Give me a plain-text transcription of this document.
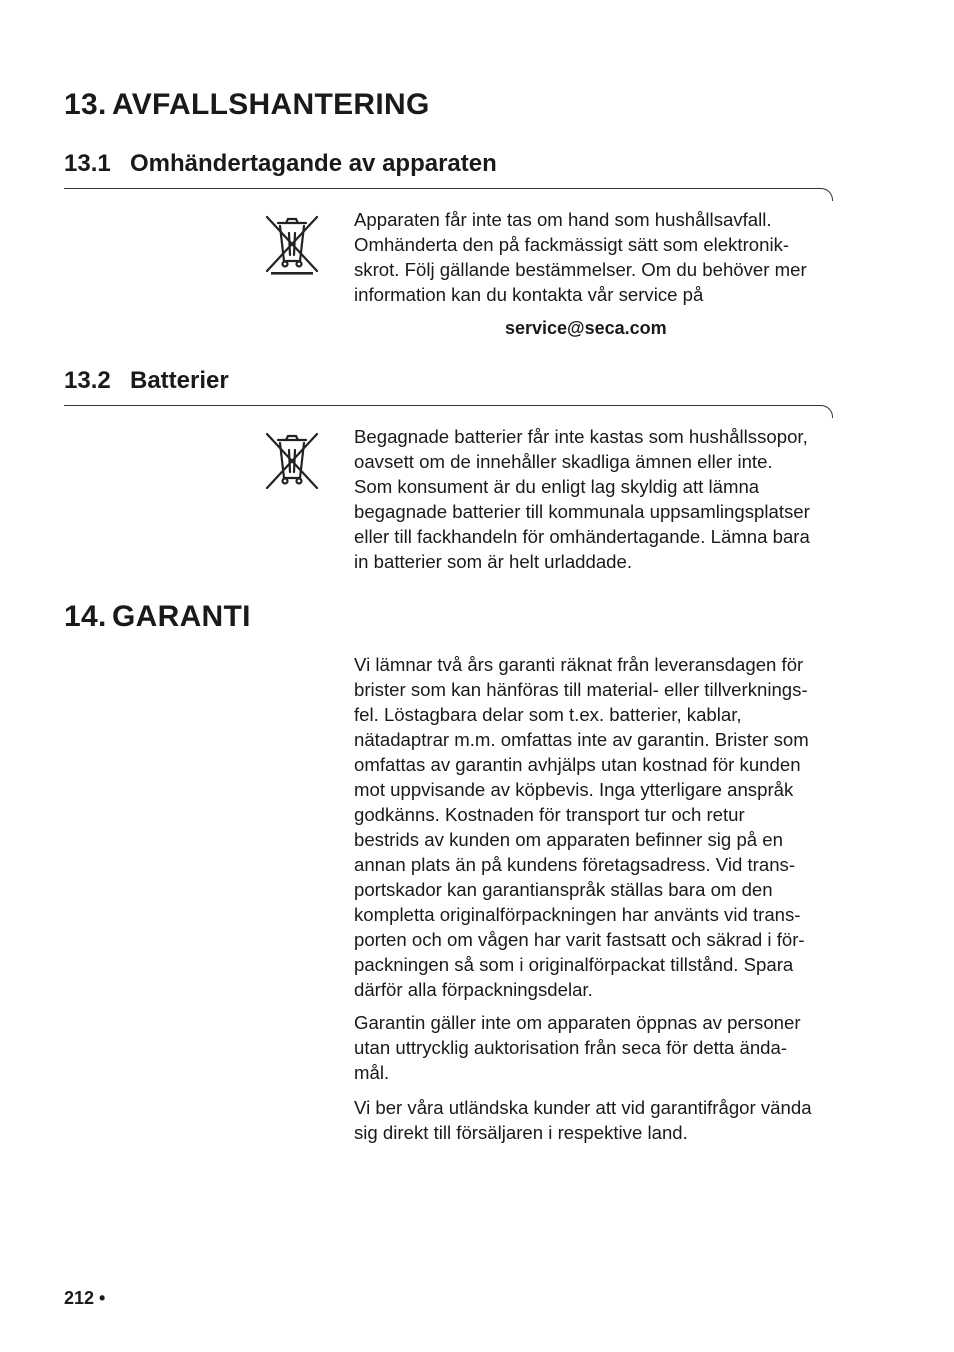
13. AVFALLSHANTERING
13.1 Omhändertagande av apparaten

Apparaten får inte tas om hand som hushållsavfall.
Omhänderta den på fackmässigt sätt som elektronik-
skrot. Följ gällande bestämmelser. Om du behöver mer
information kan du kontakta vår service på

service@seca.com
13.2 Batterier

Begagnade batterier får inte kastas som hushållssopor,
oavsett om de innehåller skadliga ämnen eller inte.
Som konsument är du enligt lag skyldig att lämna
begagnade batterier till kommunala uppsamlingsplatser
eller till fackhandeln för omhändertagande. Lämna bara
in batterier som är helt urladdade.

14. GARANTI

Vi lämnar två års garanti räknat från leveransdagen för
brister som kan hänföras till material- eller tillverknings-
fel. Löstagbara delar som t.ex. batterier, kablar,
nätadaptrar m.m. omfattas inte av garantin. Brister som
omfattas av garantin avhjälps utan kostnad för kunden
mot uppvisande av köpbevis. Inga ytterligare anspråk
godkänns. Kostnaden för transport tur och retur
bestrids av kunden om apparaten befinner sig på en
annan plats än på kundens företagsadress. Vid trans-
portskador kan garantianspråk ställas bara om den
kompletta originalförpackningen har använts vid trans-
porten och om vågen har varit fastsatt och säkrad i för-
packningen så som i originalförpackat tillstånd. Spara
därför alla förpackningsdelar.

Garantin gäller inte om apparaten öppnas av personer
utan uttrycklig auktorisation från seca för detta ända-
mål.

Vi ber våra utländska kunder att vid garantifrågor vända
sig direkt till försäljaren i respektive land.

212 •
